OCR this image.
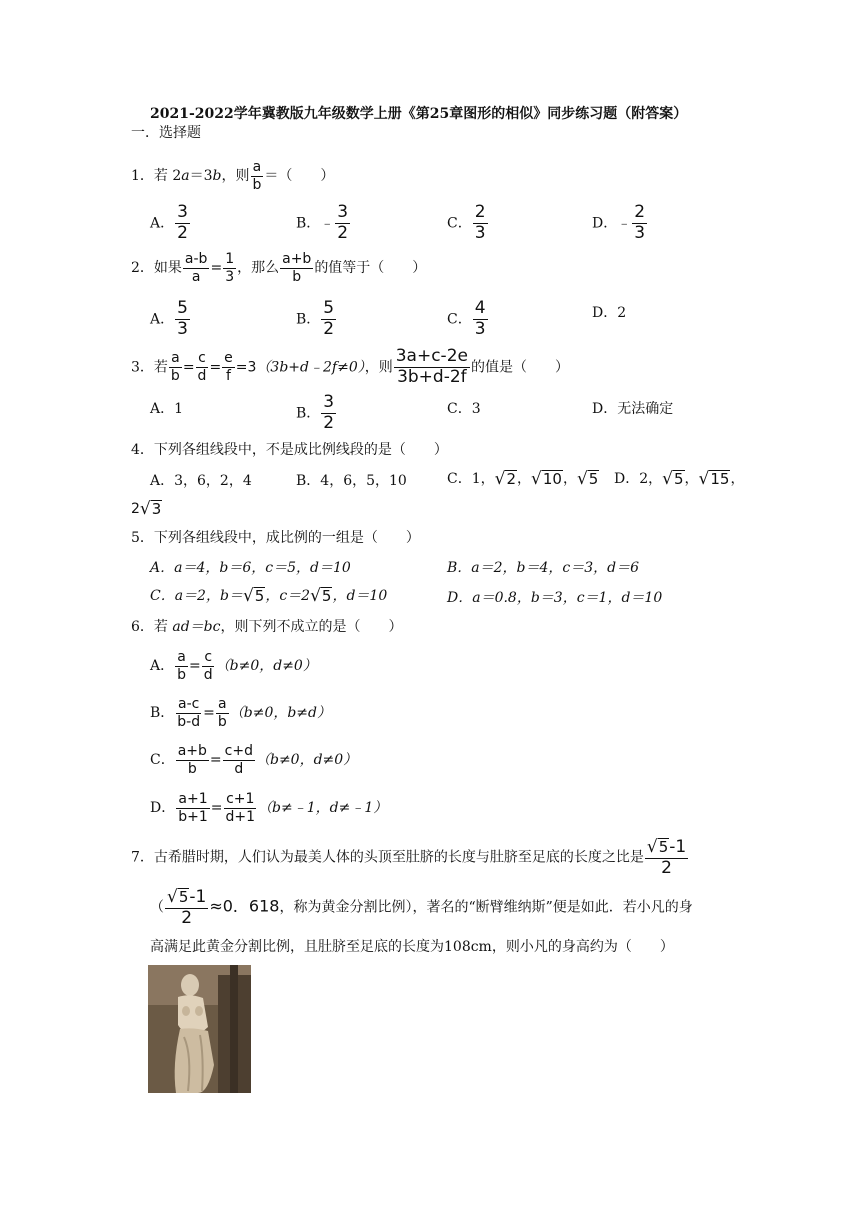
2021-2022学年冀教版九年级数学上册《第25章图形的相似》同步练习题（附答案）
一．选择题
1．若 2a＝3b，则 $\frac{a}{b}$ ＝（　　）
A． $\frac{3}{2}$	B．﹣ $\frac{3}{2}$	C． $\frac{2}{3}$	D．﹣ $\frac{2}{3}$
2．如果 $\frac{a-b}{a} = \frac{1}{3}$ ，那么 $\frac{a+b}{b}$ 的值等于（　　）
A． $\frac{5}{3}$	B． $\frac{5}{2}$	C． $\frac{4}{3}$	D．2
3．若 $\frac{a}{b} = \frac{c}{d} = \frac{e}{f}$ =3（3b+d﹣2f≠0），则 $\frac{3a+c-2e}{3b+d-2f}$ 的值是（　　）
A．1	B． $\frac{3}{2}$	C．3	D．无法确定
4．下列各组线段中，不是成比例线段的是（　　）
A．3，6，2，4	B．4，6，5，10	C．1， √ 2 ， √ 10 ， √ 5 D．2， √ 5 ， √ 15 ，
2 √ 3
5．下列各组线段中，成比例的一组是（　　）
A．a＝4，b＝6，c＝5，d＝10	B．a＝2，b＝4，c＝3，d＝6
C．a＝2，b＝ √ 5 ，c＝2 √ 5 ，d＝10	D．a＝0.8，b＝3，c＝1，d＝10
6．若 ad＝bc，则下列不成立的是（　　）
A． $\frac{a}{b} = \frac{c}{d} (b\ne 0$，d≠0）
B． $\frac{a-c}{b-d} = \frac{a}{b} (b\ne 0$，b≠d）
C． $\frac{a+b}{b} = \frac{c+d}{d} (b\ne 0$，d≠0）
D． $\frac{a+1}{b+1} = \frac{c+1}{d+1}$ （b≠﹣1，d≠﹣1）
7．古希腊时期，人们认为最美人体的头顶至肚脐的长度与肚脐至足底的长度之比是 $\frac{√ 5 -1}{2}$
（ $\frac{√ 5 -1}{2} \approx 0$．618，称为黄金分割比例），著名的“断臂维纳斯”便是如此．若小凡的身
高满足此黄金分割比例，且肚脐至足底的长度为108cm，则小凡的身高约为（　　）
